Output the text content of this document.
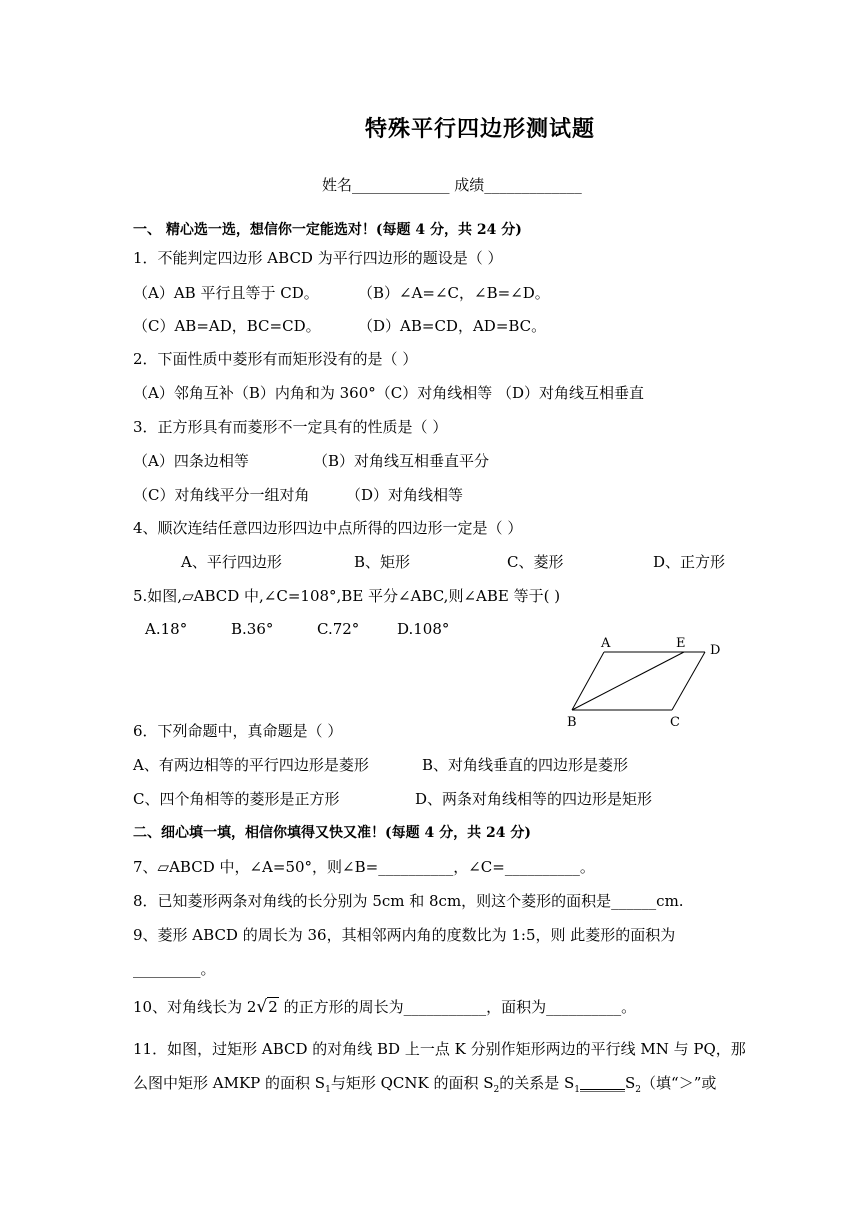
特殊平行四边形测试题
姓名_____________ 成绩_____________
一、 精心选一选，想信你一定能选对！(每题 4 分，共 24 分)
1．不能判定四边形 ABCD 为平行四边形的题设是（ ）
（A）AB 平行且等于 CD。	（B）∠A=∠C，∠B=∠D。
（C）AB=AD，BC=CD。 （D）AB=CD，AD=BC。
2．下面性质中菱形有而矩形没有的是（ ）
（A）邻角互补（B）内角和为 360°（C）对角线相等 （D）对角线互相垂直
3．正方形具有而菱形不一定具有的性质是（ ）
（A）四条边相等	（B）对角线互相垂直平分
（C）对角线平分一组对角 （D）对角线相等
4、顺次连结任意四边形四边中点所得的四边形一定是（ ）
A、平行四边形	B、矩形	C、菱形	D、正方形
5.如图,▱ABCD 中,∠C=108°,BE 平分∠ABC,则∠ABE 等于( )
A.18°	B.36°	C.72°	D.108°
A	E D
B	C
6．下列命题中，真命题是（ ）
A、有两边相等的平行四边形是菱形	B、对角线垂直的四边形是菱形
C、四个角相等的菱形是正方形	D、两条对角线相等的四边形是矩形
二、细心填一填，相信你填得又快又准！(每题 4 分，共 24 分)
7、▱ABCD 中，∠A=50°，则∠B=__________，∠C=__________。
8．已知菱形两条对角线的长分别为 5cm 和 8cm，则这个菱形的面积是______cm.
9、菱形 ABCD 的周长为 36，其相邻两内角的度数比为 1:5，则 此菱形的面积为
_________。
10、对角线长为 2√2 的正方形的周长为___________，面积为__________。
11．如图，过矩形 ABCD 的对角线 BD 上一点 K 分别作矩形两边的平行线 MN 与 PQ，那
么图中矩形 AMKP 的面积 $S_1$与矩形 QCNK 的面积 $S_2$的关系是 $S_1\_\_\_\_\_\_S_2$（填“＞”或
